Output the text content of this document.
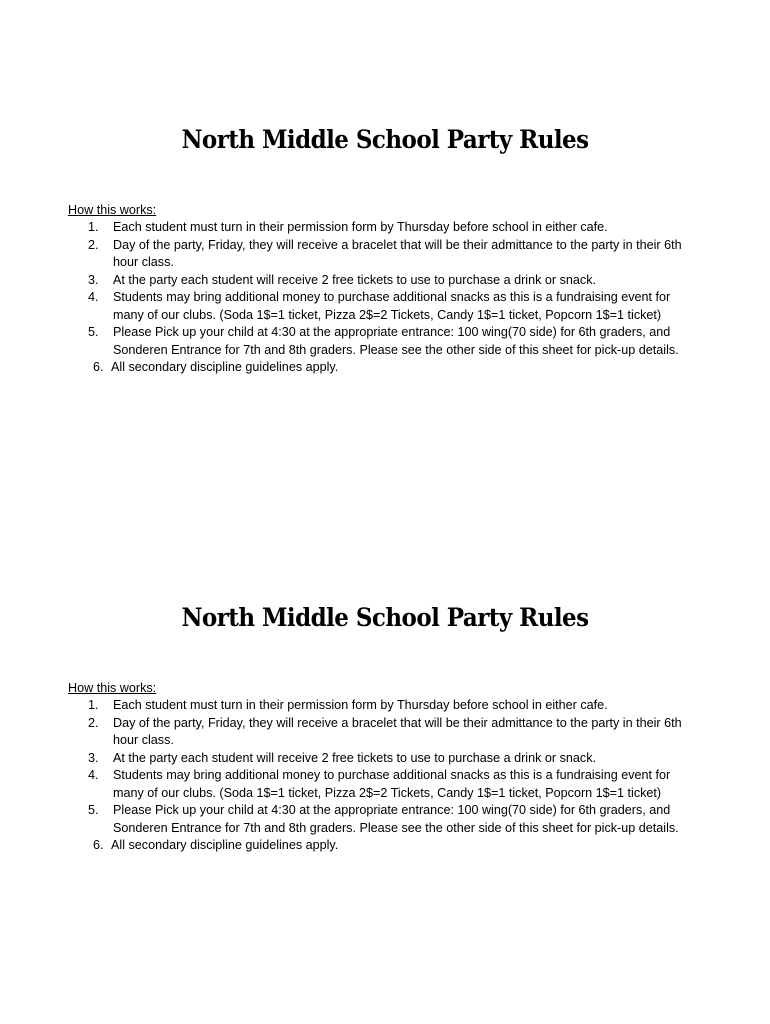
North Middle School Party Rules

How this works:

1. Each student must turn in their permission form by Thursday before school in either cafe.
2. Day of the party, Friday, they will receive a bracelet that will be their admittance to the party in their 6th hour class.
3. At the party each student will receive 2 free tickets to use to purchase a drink or snack.
4. Students may bring additional money to purchase additional snacks as this is a fundraising event for many of our clubs. (Soda 1$=1 ticket, Pizza 2$=2 Tickets, Candy 1$=1 ticket, Popcorn 1$=1 ticket)
5. Please Pick up your child at 4:30 at the appropriate entrance: 100 wing(70 side) for 6th graders, and Sonderen Entrance for 7th and 8th graders. Please see the other side of this sheet for pick-up details.
6. All secondary discipline guidelines apply.
North Middle School Party Rules

How this works:

1. Each student must turn in their permission form by Thursday before school in either cafe.
2. Day of the party, Friday, they will receive a bracelet that will be their admittance to the party in their 6th hour class.
3. At the party each student will receive 2 free tickets to use to purchase a drink or snack.
4. Students may bring additional money to purchase additional snacks as this is a fundraising event for many of our clubs. (Soda 1$=1 ticket, Pizza 2$=2 Tickets, Candy 1$=1 ticket, Popcorn 1$=1 ticket)
5. Please Pick up your child at 4:30 at the appropriate entrance: 100 wing(70 side) for 6th graders, and Sonderen Entrance for 7th and 8th graders. Please see the other side of this sheet for pick-up details.
6. All secondary discipline guidelines apply.
